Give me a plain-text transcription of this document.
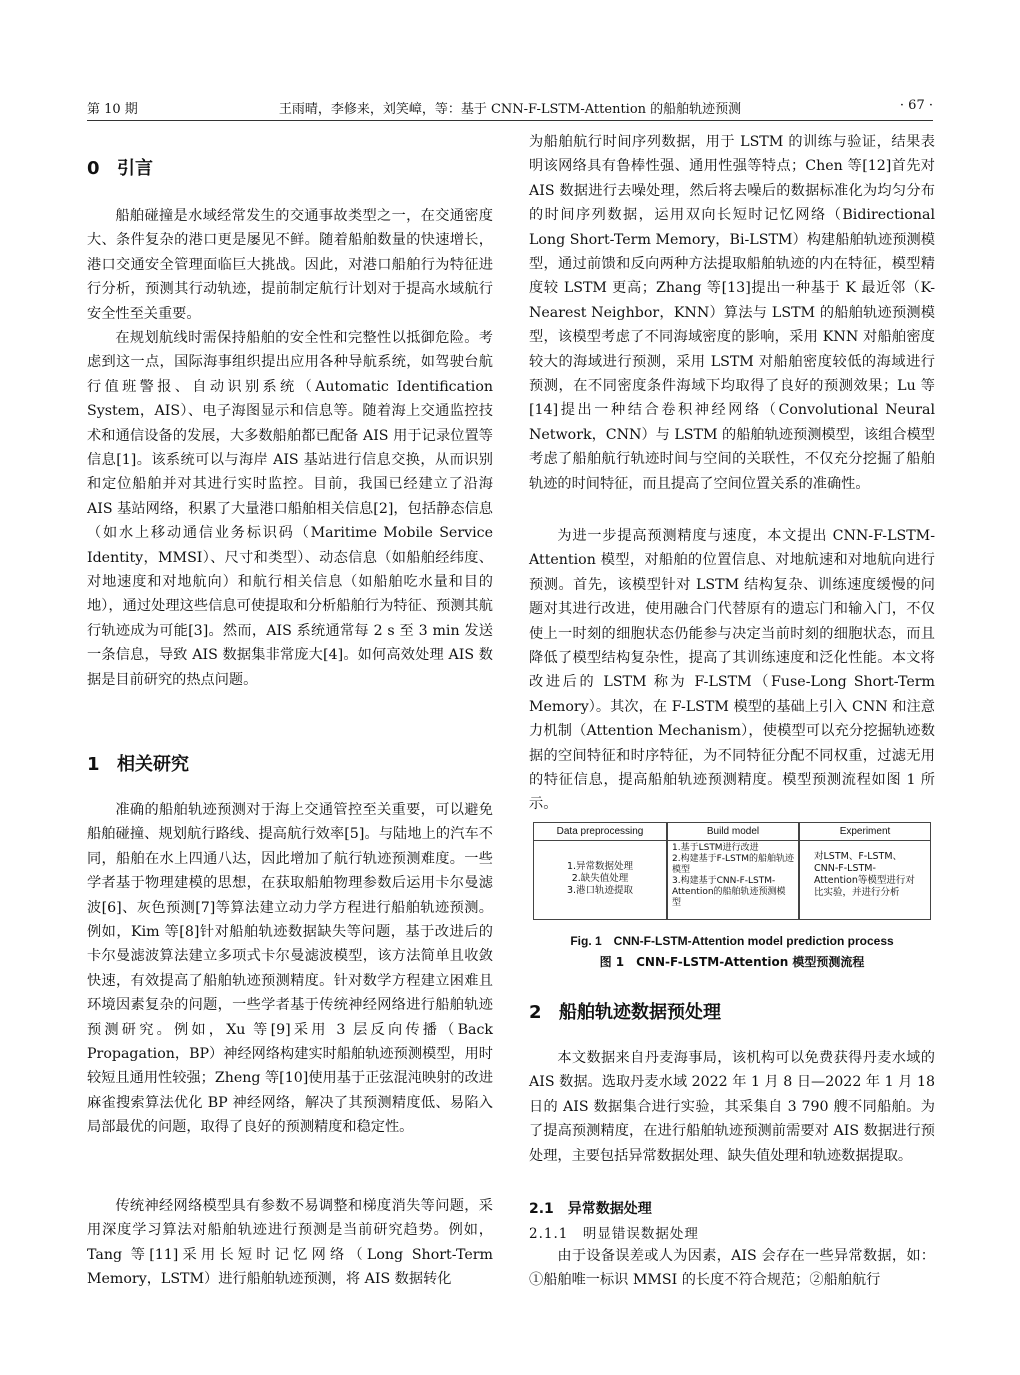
第 10 期	王雨晴，李修来，刘笑嶂，等：基于 CNN-F-LSTM-Attention 的船舶轨迹预测	· 67 ·
0 引言

船舶碰撞是水域经常发生的交通事故类型之一，在交通密度大、条件复杂的港口更是屡见不鲜。随着船舶数量的快速增长，港口交通安全管理面临巨大挑战。因此，对港口船舶行为特征进行分析，预测其行动轨迹，提前制定航行计划对于提高水域航行安全性至关重要。

在规划航线时需保持船舶的安全性和完整性以抵御危险。考虑到这一点，国际海事组织提出应用各种导航系统，如驾驶台航行值班警报、自动识别系统（Automatic Identification System，AIS）、电子海图显示和信息等。随着海上交通监控技术和通信设备的发展，大多数船舶都已配备 AIS 用于记录位置等信息[1]。该系统可以与海岸 AIS 基站进行信息交换，从而识别和定位船舶并对其进行实时监控。目前，我国已经建立了沿海 AIS 基站网络，积累了大量港口船舶相关信息[2]，包括静态信息（如水上移动通信业务标识码（Maritime Mobile Service Identity，MMSI）、尺寸和类型）、动态信息（如船舶经纬度、对地速度和对地航向）和航行相关信息（如船舶吃水量和目的地），通过处理这些信息可使提取和分析船舶行为特征、预测其航行轨迹成为可能[3]。然而，AIS 系统通常每 2 s 至 3 min 发送一条信息，导致 AIS 数据集非常庞大[4]。如何高效处理 AIS 数据是目前研究的热点问题。

1 相关研究

准确的船舶轨迹预测对于海上交通管控至关重要，可以避免船舶碰撞、规划航行路线、提高航行效率[5]。与陆地上的汽车不同，船舶在水上四通八达，因此增加了航行轨迹预测难度。一些学者基于物理建模的思想，在获取船舶物理参数后运用卡尔曼滤波[6]、灰色预测[7]等算法建立动力学方程进行船舶轨迹预测。例如，Kim 等[8]针对船舶轨迹数据缺失等问题，基于改进后的卡尔曼滤波算法建立多项式卡尔曼滤波模型，该方法简单且收敛快速，有效提高了船舶轨迹预测精度。针对数学方程建立困难且环境因素复杂的问题，一些学者基于传统神经网络进行船舶轨迹预测研究。例如，Xu 等[9]采用 3 层反向传播（Back Propagation，BP）神经网络构建实时船舶轨迹预测模型，用时较短且通用性较强；Zheng 等[10]使用基于正弦混沌映射的改进麻雀搜索算法优化 BP 神经网络，解决了其预测精度低、易陷入局部最优的问题，取得了良好的预测精度和稳定性。

传统神经网络模型具有参数不易调整和梯度消失等问题，采用深度学习算法对船舶轨迹进行预测是当前研究趋势。例如，Tang 等[11]采用长短时记忆网络（Long Short-Term Memory，LSTM）进行船舶轨迹预测，将 AIS 数据转化

为船舶航行时间序列数据，用于 LSTM 的训练与验证，结果表明该网络具有鲁棒性强、通用性强等特点；Chen 等[12]首先对 AIS 数据进行去噪处理，然后将去噪后的数据标准化为均匀分布的时间序列数据，运用双向长短时记忆网络（Bidirectional Long Short-Term Memory，Bi-LSTM）构建船舶轨迹预测模型，通过前馈和反向两种方法提取船舶轨迹的内在特征，模型精度较 LSTM 更高；Zhang 等[13]提出一种基于 K 最近邻（K-Nearest Neighbor，KNN）算法与 LSTM 的船舶轨迹预测模型，该模型考虑了不同海域密度的影响，采用 KNN 对船舶密度较大的海域进行预测，采用 LSTM 对船舶密度较低的海域进行预测，在不同密度条件海域下均取得了良好的预测效果；Lu 等[14]提出一种结合卷积神经网络（Convolutional Neural Network，CNN）与 LSTM 的船舶轨迹预测模型，该组合模型考虑了船舶航行轨迹时间与空间的关联性，不仅充分挖掘了船舶轨迹的时间特征，而且提高了空间位置关系的准确性。

为进一步提高预测精度与速度，本文提出 CNN-F-LSTM-Attention 模型，对船舶的位置信息、对地航速和对地航向进行预测。首先，该模型针对 LSTM 结构复杂、训练速度缓慢的问题对其进行改进，使用融合门代替原有的遗忘门和输入门，不仅使上一时刻的细胞状态仍能参与决定当前时刻的细胞状态，而且降低了模型结构复杂性，提高了其训练速度和泛化性能。本文将改进后的 LSTM 称为 F-LSTM（Fuse-Long Short-Term Memory）。其次，在 F-LSTM 模型的基础上引入 CNN 和注意力机制（Attention Mechanism），使模型可以充分挖掘轨迹数据的空间特征和时序特征，为不同特征分配不同权重，过滤无用的特征信息，提高船舶轨迹预测精度。模型预测流程如图 1 所示。

2 船舶轨迹数据预处理

本文数据来自丹麦海事局，该机构可以免费获得丹麦水域的 AIS 数据。选取丹麦水域 2022 年 1 月 8 日—2022 年 1 月 18 日的 AIS 数据集合进行实验，其采集自 3 790 艘不同船舶。为了提高预测精度，在进行船舶轨迹预测前需要对 AIS 数据进行预处理，主要包括异常数据处理、缺失值处理和轨迹数据提取。

2.1　异常数据处理
2.1.1　明显错误数据处理

由于设备误差或人为因素，AIS 会存在一些异常数据，如：①船舶唯一标识 MMSI 的长度不符合规范；②船舶航行

Data preprocessing
1.异常数据处理
2.缺失值处理
3.港口轨迹提取
Build model
1.基于LSTM进行改进
2.构建基于F-LSTM的船舶轨迹模型
3.构建基于CNN-F-LSTM-Attention的船舶轨迹预测模型
Experiment
对LSTM、F-LSTM、CNN-F-LSTM-Attention等模型进行对比实验，并进行分析
Fig. 1　CNN-F-LSTM-Attention model prediction process
图 1　CNN-F-LSTM-Attention 模型预测流程
